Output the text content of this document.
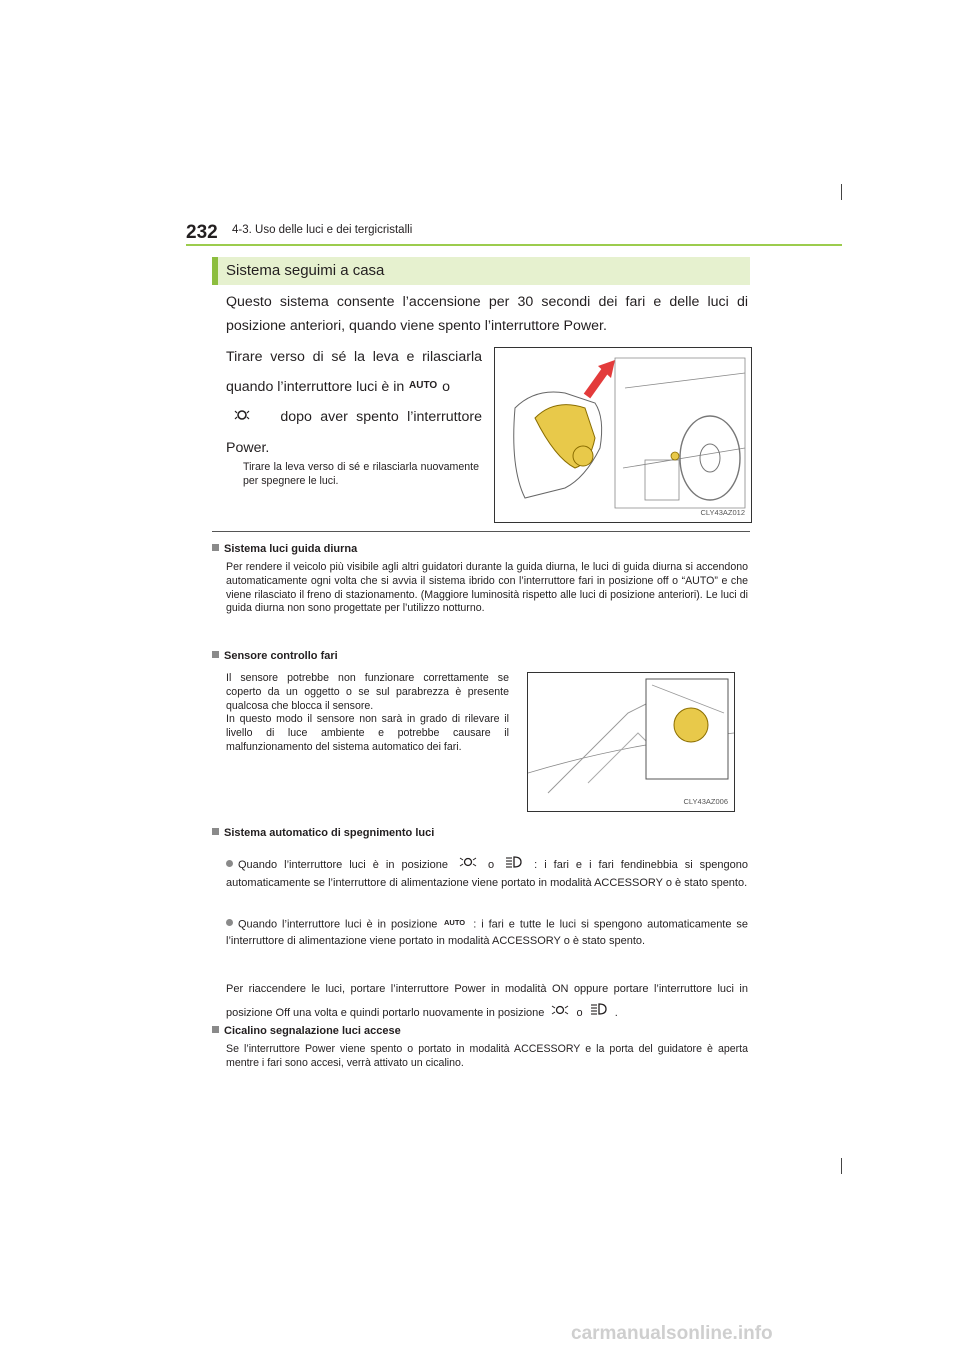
232 4-3. Uso delle luci e dei tergicristalli
Sistema seguimi a casa
Questo sistema consente l’accensione per 30 secondi dei fari e delle luci di posizione anteriori, quando viene spento l’interruttore Power.
Tirare verso di sé la leva e rilasciarla quando l’interruttore luci è in AUTO o
dopo aver spento l’interruttore Power.
Tirare la leva verso di sé e rilasciarla nuovamente per spegnere le luci.
CLY43AZ012
Sistema luci guida diurna
Per rendere il veicolo più visibile agli altri guidatori durante la guida diurna, le luci di guida diurna si accendono automaticamente ogni volta che si avvia il sistema ibrido con l’interruttore fari in posizione off o “AUTO” e che viene rilasciato il freno di stazionamento. (Maggiore luminosità rispetto alle luci di posizione anteriori). Le luci di guida diurna non sono progettate per l’utilizzo notturno.
Sensore controllo fari
Il sensore potrebbe non funzionare correttamente se coperto da un oggetto o se sul parabrezza è presente qualcosa che blocca il sensore.
In questo modo il sensore non sarà in grado di rilevare il livello di luce ambiente e potrebbe causare il malfunzionamento del sistema automatico dei fari.
CLY43AZ006
Sistema automatico di spegnimento luci
Quando l’interruttore luci è in posizione	o	: i fari e i fari fendinebbia si spengono automaticamente se l’interruttore di alimentazione viene portato in modalità ACCESSORY o è stato spento.
Quando l’interruttore luci è in posizione AUTO : i fari e tutte le luci si spengono automaticamente se l’interruttore di alimentazione viene portato in modalità ACCESSORY o è stato spento.
Per riaccendere le luci, portare l’interruttore Power in modalità ON oppure portare l’interruttore luci in posizione Off una volta e quindi portarlo nuovamente in posizione	o	.
Cicalino segnalazione luci accese
Se l’interruttore Power viene spento o portato in modalità ACCESSORY e la porta del guidatore è aperta mentre i fari sono accesi, verrà attivato un cicalino.
carmanualsonline.info
